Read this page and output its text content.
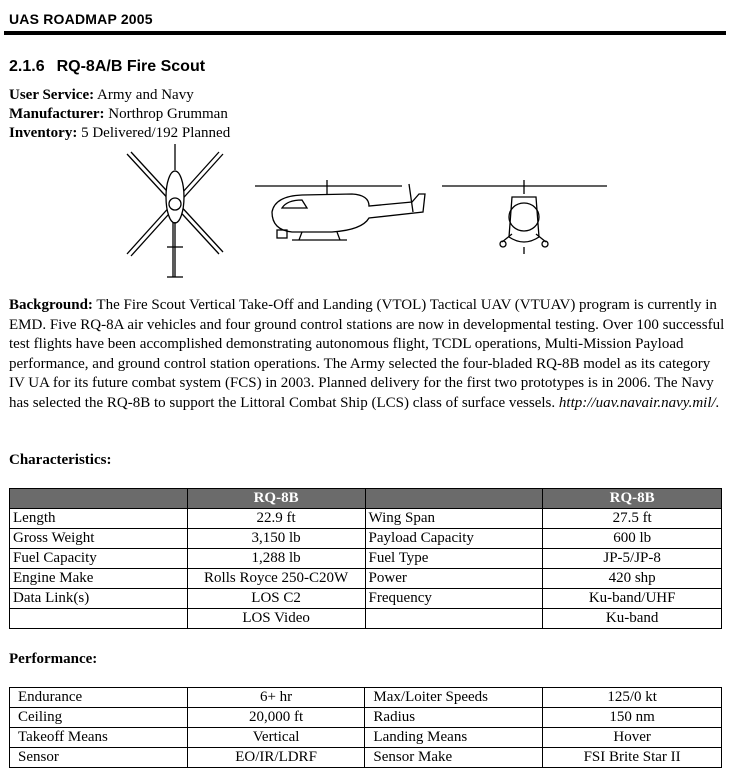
UAS ROADMAP 2005
2.1.6 RQ-8A/B Fire Scout
User Service: Army and Navy
Manufacturer: Northrop Grumman
Inventory: 5 Delivered/192 Planned
Background: The Fire Scout Vertical Take-Off and Landing (VTOL) Tactical UAV (VTUAV) program is currently in EMD. Five RQ-8A air vehicles and four ground control stations are now in developmental testing. Over 100 successful test flights have been accomplished demonstrating autonomous flight, TCDL operations, Multi-Mission Payload performance, and ground control station operations. The Army selected the four-bladed RQ-8B model as its category IV UA for its future combat system (FCS) in 2003. Planned delivery for the first two prototypes is in 2006. The Navy has selected the RQ-8B to support the Littoral Combat Ship (LCS) class of surface vessels. http://uav.navair.navy.mil/.
Characteristics:
	RQ-8B		RQ-8B
Length	22.9 ft	Wing Span	27.5 ft
Gross Weight	3,150 lb	Payload Capacity	600 lb
Fuel Capacity	1,288 lb	Fuel Type	JP-5/JP-8
Engine Make	Rolls Royce 250-C20W	Power	420 shp
Data Link(s)	LOS C2	Frequency	Ku-band/UHF
	LOS Video		Ku-band
Performance:
Endurance	6+ hr	Max/Loiter Speeds	125/0 kt
Ceiling	20,000 ft	Radius	150 nm
Takeoff Means	Vertical	Landing Means	Hover
Sensor	EO/IR/LDRF	Sensor Make	FSI Brite Star II
